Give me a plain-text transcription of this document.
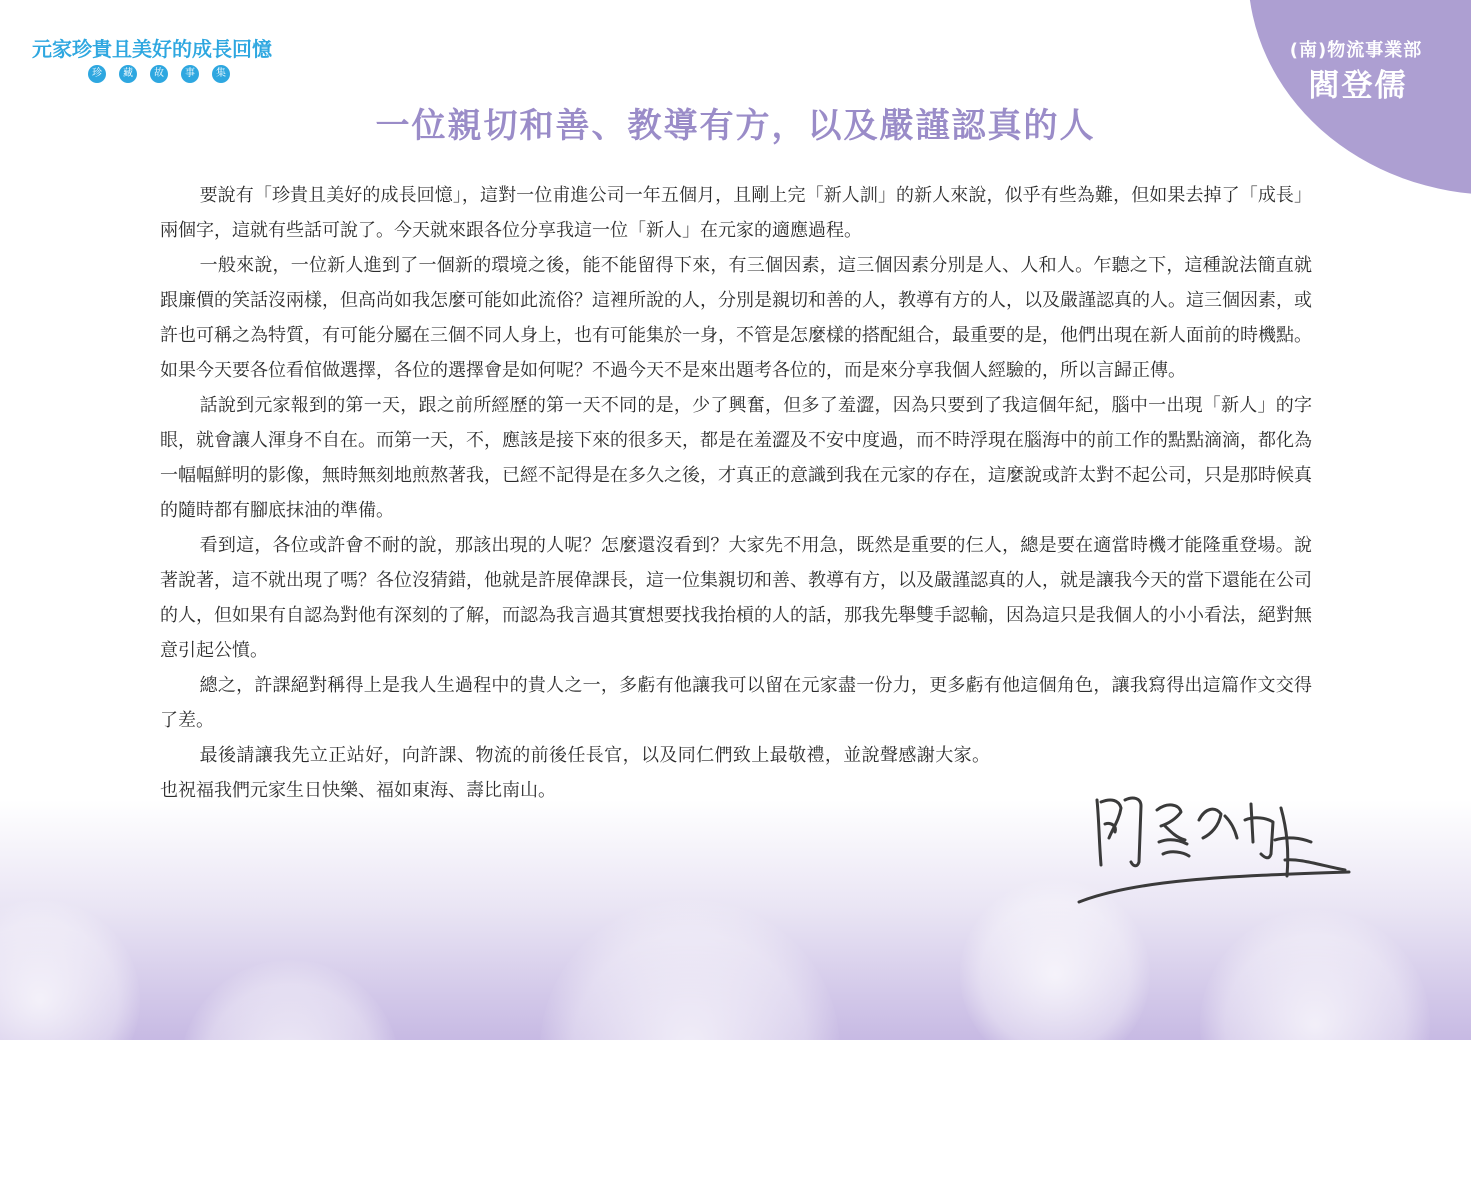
(南)物流事業部
閻登儒
元家珍貴且美好的成長回憶
珍	藏	故	事	集
一位親切和善、教導有方，以及嚴謹認真的人

要說有「珍貴且美好的成長回憶」，這對一位甫進公司一年五個月，且剛上完「新人訓」的新人來說，似乎有些為難，但如果去掉了「成長」兩個字，這就有些話可說了。今天就來跟各位分享我這一位「新人」在元家的適應過程。

一般來說，一位新人進到了一個新的環境之後，能不能留得下來，有三個因素，這三個因素分別是人、人和人。乍聽之下，這種說法簡直就跟廉價的笑話沒兩樣，但高尚如我怎麼可能如此流俗？這裡所說的人，分別是親切和善的人，教導有方的人，以及嚴謹認真的人。這三個因素，或許也可稱之為特質，有可能分屬在三個不同人身上，也有可能集於一身，不管是怎麼樣的搭配組合，最重要的是，他們出現在新人面前的時機點。如果今天要各位看倌做選擇，各位的選擇會是如何呢？不過今天不是來出題考各位的，而是來分享我個人經驗的，所以言歸正傳。

話說到元家報到的第一天，跟之前所經歷的第一天不同的是，少了興奮，但多了羞澀，因為只要到了我這個年紀，腦中一出現「新人」的字眼，就會讓人渾身不自在。而第一天，不，應該是接下來的很多天，都是在羞澀及不安中度過，而不時浮現在腦海中的前工作的點點滴滴，都化為一幅幅鮮明的影像，無時無刻地煎熬著我，已經不記得是在多久之後，才真正的意識到我在元家的存在，這麼說或許太對不起公司，只是那時候真的隨時都有腳底抹油的準備。

看到這，各位或許會不耐的說，那該出現的人呢？怎麼還沒看到？大家先不用急，既然是重要的仨人，總是要在適當時機才能隆重登場。說著說著，這不就出現了嗎？各位沒猜錯，他就是許展偉課長，這一位集親切和善、教導有方，以及嚴謹認真的人，就是讓我今天的當下還能在公司的人，但如果有自認為對他有深刻的了解，而認為我言過其實想要找我抬槓的人的話，那我先舉雙手認輸，因為這只是我個人的小小看法，絕對無意引起公憤。

總之，許課絕對稱得上是我人生過程中的貴人之一，多虧有他讓我可以留在元家盡一份力，更多虧有他這個角色，讓我寫得出這篇作文交得了差。

最後請讓我先立正站好，向許課、物流的前後任長官，以及同仁們致上最敬禮，並說聲感謝大家。也祝福我們元家生日快樂、福如東海、壽比南山。
